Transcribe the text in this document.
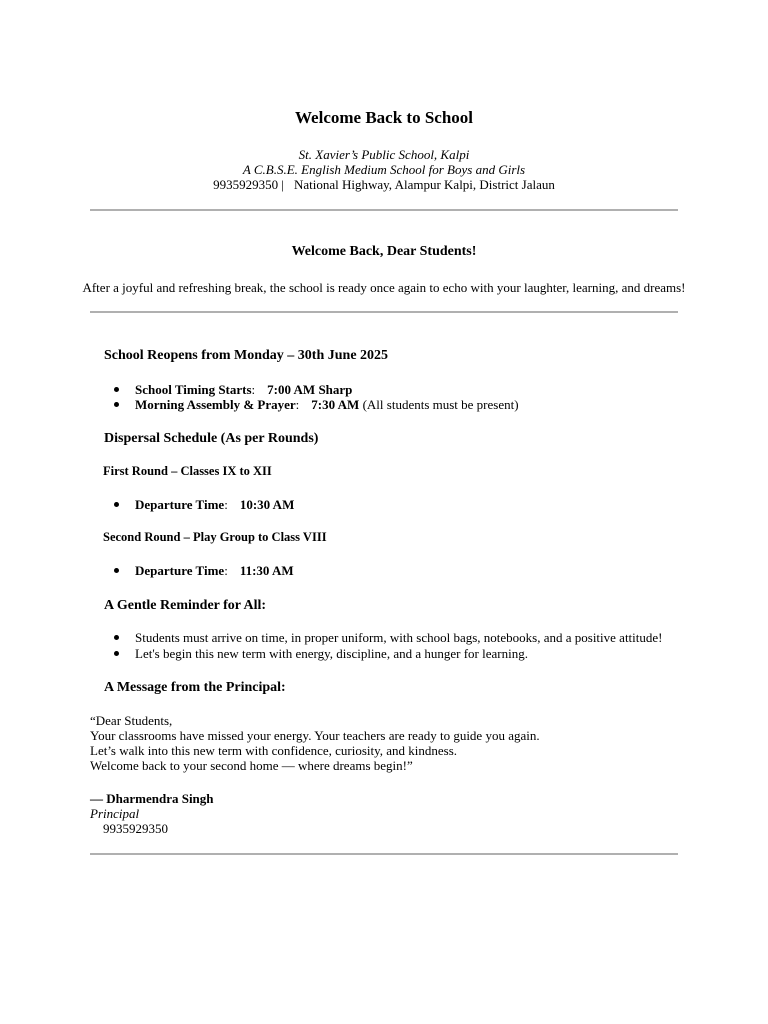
Welcome Back to School
St. Xavier’s Public School, Kalpi
A C.B.S.E. English Medium School for Boys and Girls
9935929350 | National Highway, Alampur Kalpi, District Jalaun
Welcome Back, Dear Students!
After a joyful and refreshing break, the school is ready once again to echo with your laughter, learning, and dreams!
School Reopens from Monday – 30th June 2025
School Timing Starts: 7:00 AM Sharp
Morning Assembly & Prayer: 7:30 AM (All students must be present)
Dispersal Schedule (As per Rounds)
First Round – Classes IX to XII
Departure Time: 10:30 AM
Second Round – Play Group to Class VIII
Departure Time: 11:30 AM
A Gentle Reminder for All:
Students must arrive on time, in proper uniform, with school bags, notebooks, and a positive attitude!
Let's begin this new term with energy, discipline, and a hunger for learning.
A Message from the Principal:
“Dear Students,
Your classrooms have missed your energy. Your teachers are ready to guide you again.
Let’s walk into this new term with confidence, curiosity, and kindness.
Welcome back to your second home — where dreams begin!”
— Dharmendra Singh
Principal
9935929350
